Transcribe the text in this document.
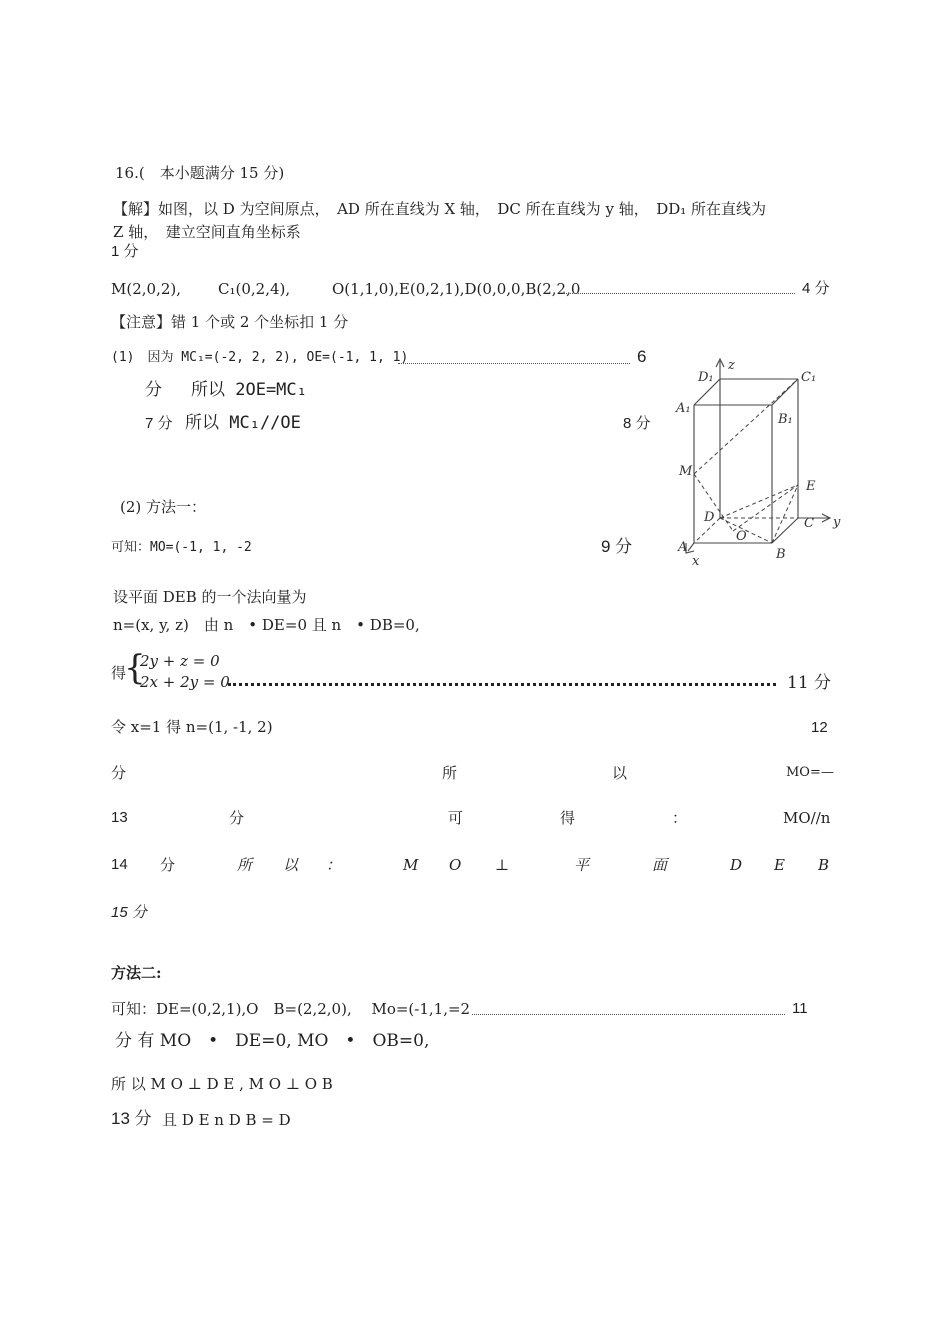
16.(　本小题满分 15 分)
【解】如图，以 D 为空间原点，　AD 所在直线为 X 轴，　DC 所在直线为 y 轴，　DD₁ 所在直线为
Z 轴，　建立空间直角坐标系
1 分
M(2,0,2), C₁(0,2,4),	O(1,1,0),E(0,2,1),D(0,0,0,B(2,2,0	4 分
【注意】错 1 个或 2 个坐标扣 1 分
(1)　因为 MC₁=(-2, 2, 2), OE=(-1, 1, 1)	6
分 所以 2OE=MC₁
7 分 所以 MC₁//OE	8 分
D₁
z
C₁
A₁
B₁
M
E
D
O
C y
A
x	B
(2) 方法一：
可知：MO=(-1, 1, -2	9 分
设平面 DEB 的一个法向量为
n=(x, y, z)　由 n　• DE=0 且 n　• DB=0,
得
{
2y + z = 0
2x + 2y = 0	11 分
令 x=1 得 n=(1, -1, 2)	12
分	所	以	MO=—
13	分	可	得	：	MO//n
14 分	所 以 ：	M O ⊥	平	面	D E B
15 分
方法二:
可知：DE=(0,2,1),O　B=(2,2,0),　 Mo=(-1,1,=2	11
分 有 MO　•　DE=0, MO　•　OB=0,
所 以 M O ⊥ D E , M O ⊥ O B
13 分 且 D E n D B = D
